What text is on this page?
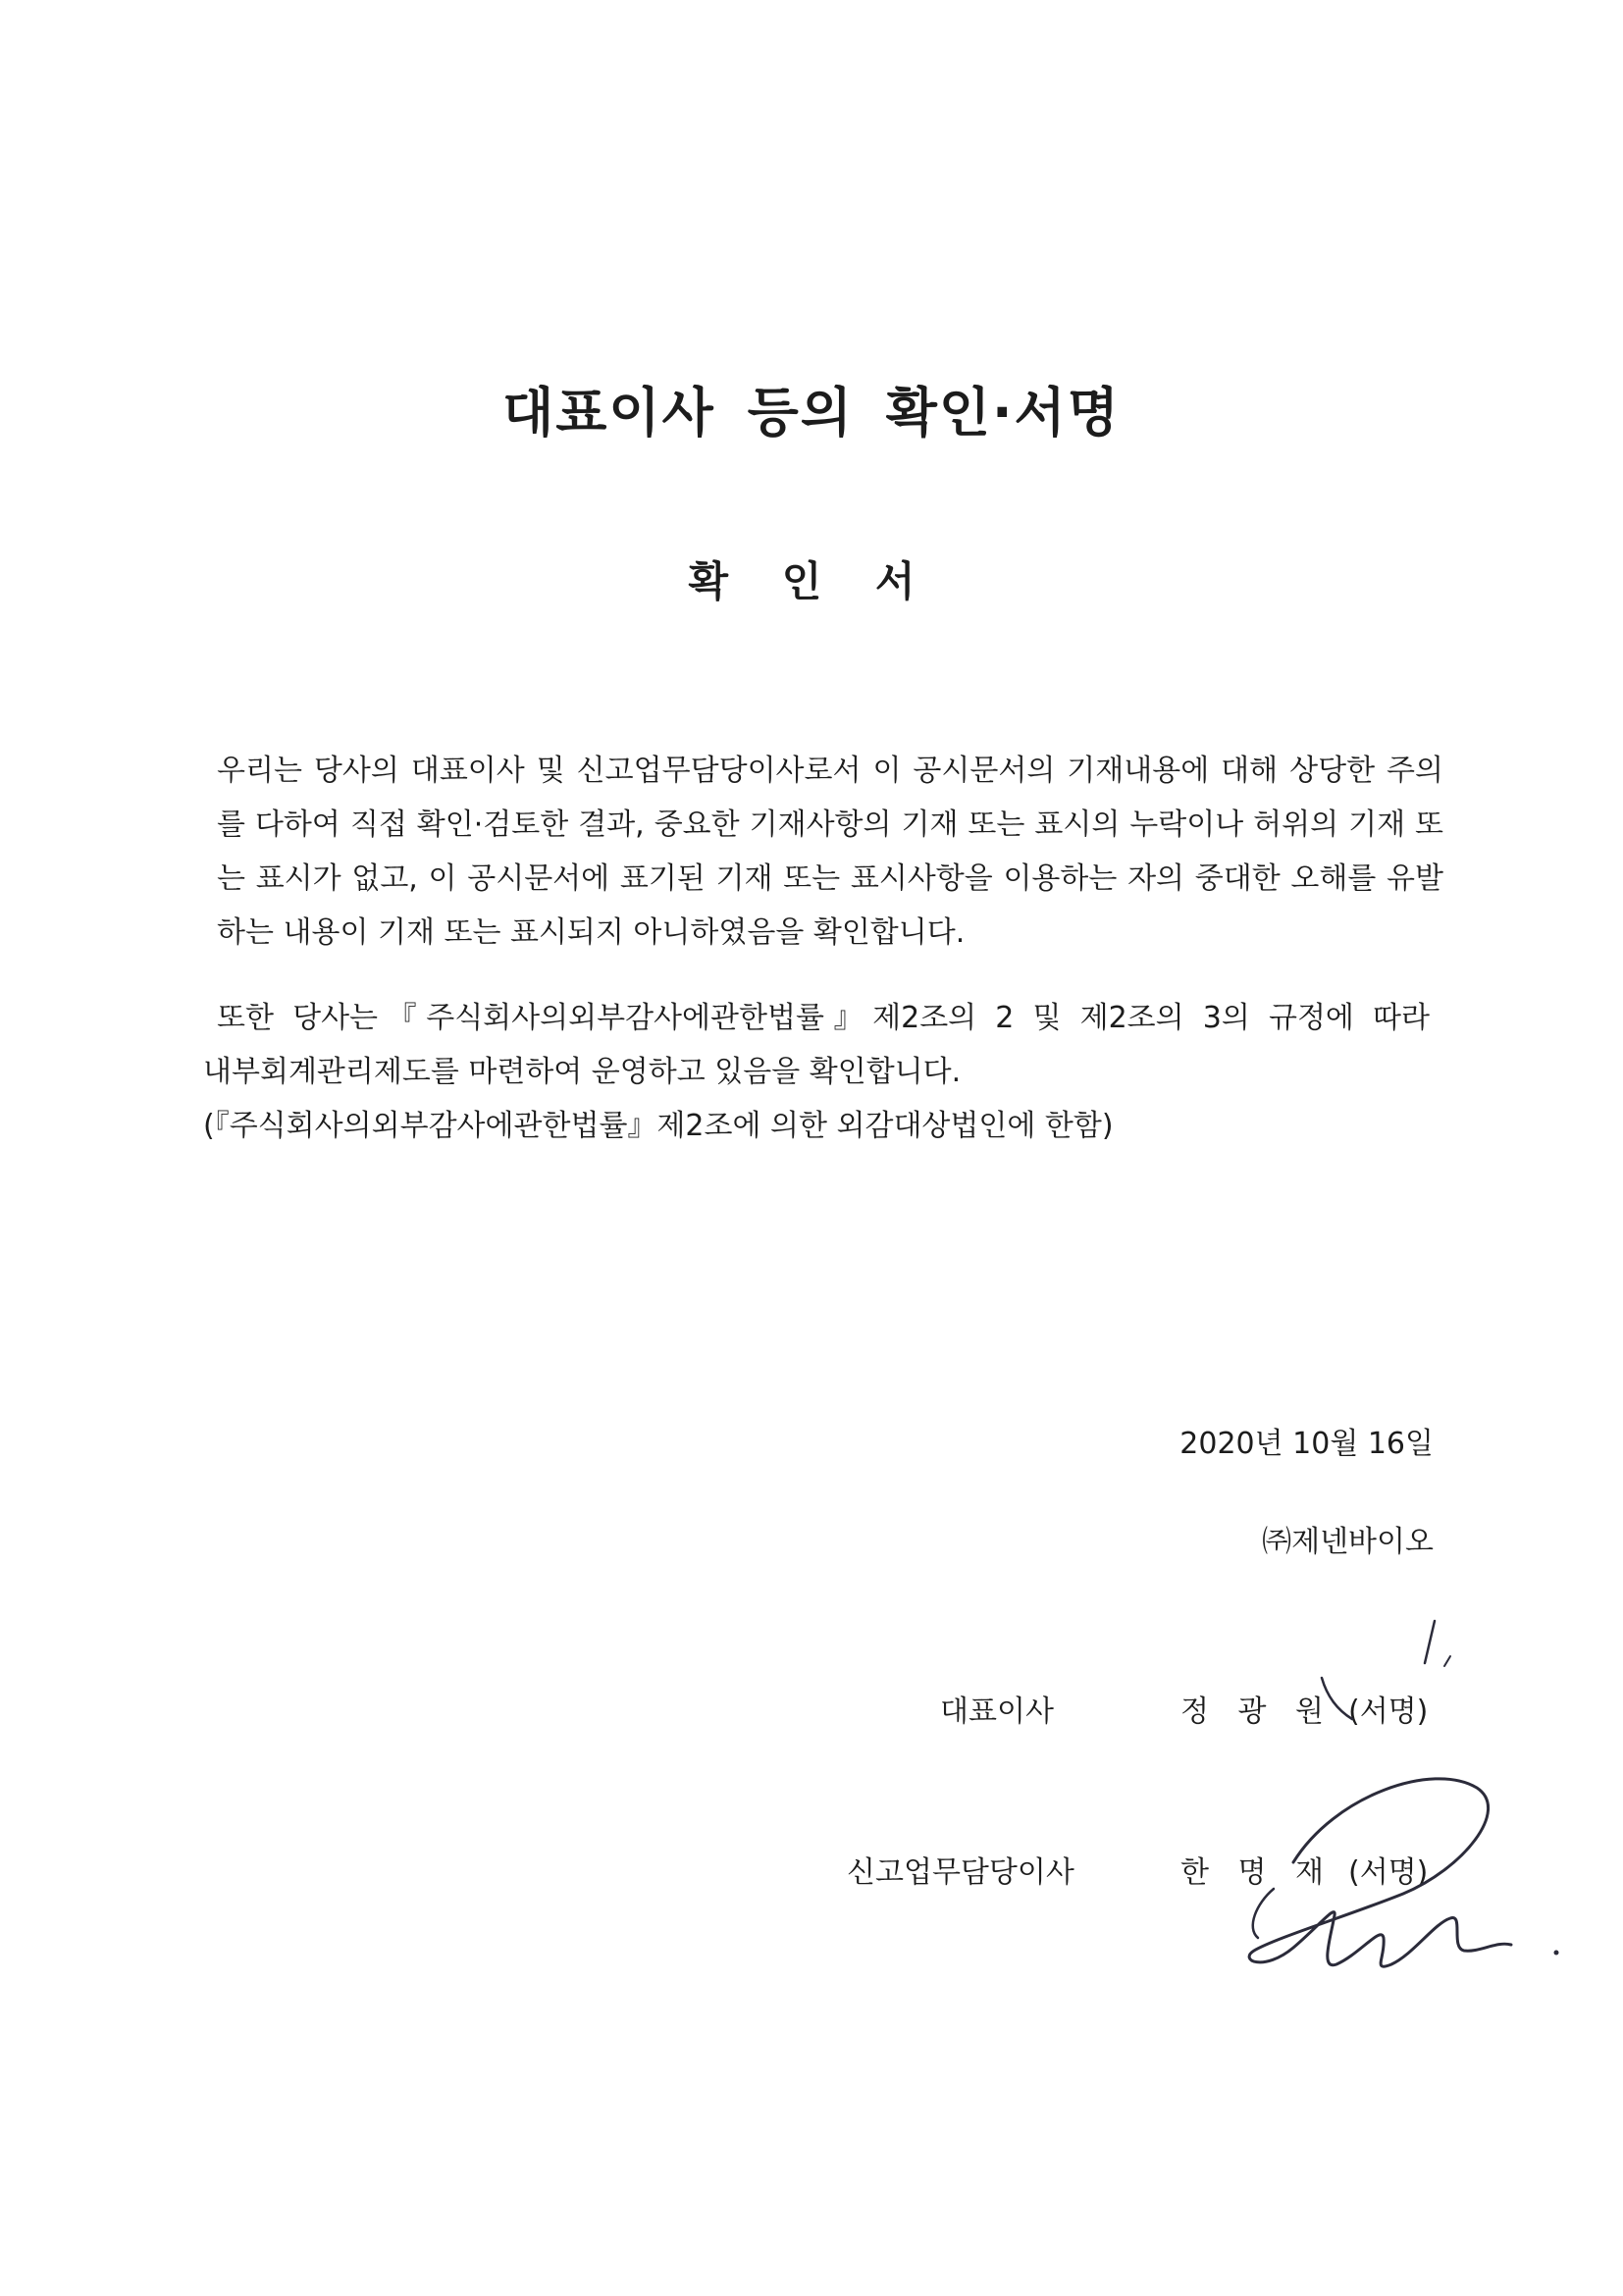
대표이사 등의 확인·서명
확 인 서

우리는 당사의 대표이사 및 신고업무담당이사로서 이 공시문서의 기재내용에 대해 상당한 주의를 다하여 직접 확인·검토한 결과, 중요한 기재사항의 기재 또는 표시의 누락이나 허위의 기재 또는 표시가 없고, 이 공시문서에 표기된 기재 또는 표시사항을 이용하는 자의 중대한 오해를 유발하는 내용이 기재 또는 표시되지 아니하였음을 확인합니다.

또한 당사는『주식회사의외부감사에관한법률』제2조의 2 및 제2조의 3의 규정에 따라
내부회계관리제도를 마련하여 운영하고 있음을 확인합니다.
(『주식회사의외부감사에관한법률』제2조에 의한 외감대상법인에 한함)

2020년 10월 16일

㈜제넨바이오

대표이사	정 광 원 (서명)
신고업무담당이사	한 명 재 (서명)
